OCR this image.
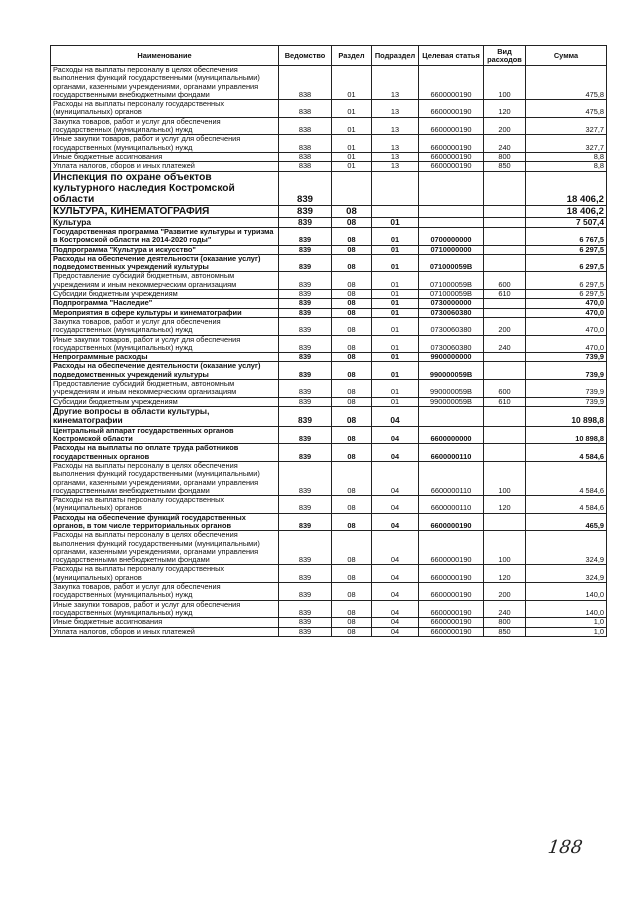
Наименование	Ведомство	Раздел	Подраздел	Целевая статья	Вид расходов	Сумма
Расходы на выплаты персоналу в целях обеспечения выполнения функций государственными (муниципальными) органами, казенными учреждениями, органами управления государственными внебюджетными фондами	838	01	13	6600000190	100	475,8
Расходы на выплаты персоналу государственных (муниципальных) органов	838	01	13	6600000190	120	475,8
Закупка товаров, работ и услуг для обеспечения государственных (муниципальных) нужд	838	01	13	6600000190	200	327,7
Иные закупки товаров, работ и услуг для обеспечения государственных (муниципальных) нужд	838	01	13	6600000190	240	327,7
Иные бюджетные ассигнования	838	01	13	6600000190	800	8,8
Уплата налогов, сборов и иных платежей	838	01	13	6600000190	850	8,8
Инспекция по охране объектов культурного наследия Костромской области	839					18 406,2
КУЛЬТУРА, КИНЕМАТОГРАФИЯ	839	08				18 406,2
Культура	839	08	01			7 507,4
Государственная программа "Развитие культуры и туризма в Костромской области на 2014-2020 годы"	839	08	01	0700000000		6 767,5
Подпрограмма "Культура и искусство"	839	08	01	0710000000		6 297,5
Расходы на обеспечение деятельности (оказание услуг) подведомственных учреждений культуры	839	08	01	071000059В		6 297,5
Предоставление субсидий бюджетным, автономным учреждениям и иным некоммерческим организациям	839	08	01	071000059В	600	6 297,5
Субсидии бюджетным учреждениям	839	08	01	071000059В	610	6 297,5
Подпрограмма "Наследие"	839	08	01	0730000000		470,0
Мероприятия в сфере культуры и кинематографии	839	08	01	0730060380		470,0
Закупка товаров, работ и услуг для обеспечения государственных (муниципальных) нужд	839	08	01	0730060380	200	470,0
Иные закупки товаров, работ и услуг для обеспечения государственных (муниципальных) нужд	839	08	01	0730060380	240	470,0
Непрограммные расходы	839	08	01	9900000000		739,9
Расходы на обеспечение деятельности (оказание услуг) подведомственных учреждений культуры	839	08	01	990000059В		739,9
Предоставление субсидий бюджетным, автономным учреждениям и иным некоммерческим организациям	839	08	01	990000059В	600	739,9
Субсидии бюджетным учреждениям	839	08	01	990000059В	610	739,9
Другие вопросы в области культуры, кинематографии	839	08	04			10 898,8
Центральный аппарат государственных органов Костромской области	839	08	04	6600000000		10 898,8
Расходы на выплаты по оплате труда работников государственных органов	839	08	04	6600000110		4 584,6
Расходы на выплаты персоналу в целях обеспечения выполнения функций государственными (муниципальными) органами, казенными учреждениями, органами управления государственными внебюджетными фондами	839	08	04	6600000110	100	4 584,6
Расходы на выплаты персоналу государственных (муниципальных) органов	839	08	04	6600000110	120	4 584,6
Расходы на обеспечение функций государственных органов, в том числе территориальных органов	839	08	04	6600000190		465,9
Расходы на выплаты персоналу в целях обеспечения выполнения функций государственными (муниципальными) органами, казенными учреждениями, органами управления государственными внебюджетными фондами	839	08	04	6600000190	100	324,9
Расходы на выплаты персоналу государственных (муниципальных) органов	839	08	04	6600000190	120	324,9
Закупка товаров, работ и услуг для обеспечения государственных (муниципальных) нужд	839	08	04	6600000190	200	140,0
Иные закупки товаров, работ и услуг для обеспечения государственных (муниципальных) нужд	839	08	04	6600000190	240	140,0
Иные бюджетные ассигнования	839	08	04	6600000190	800	1,0
Уплата налогов, сборов и иных платежей	839	08	04	6600000190	850	1,0
188
